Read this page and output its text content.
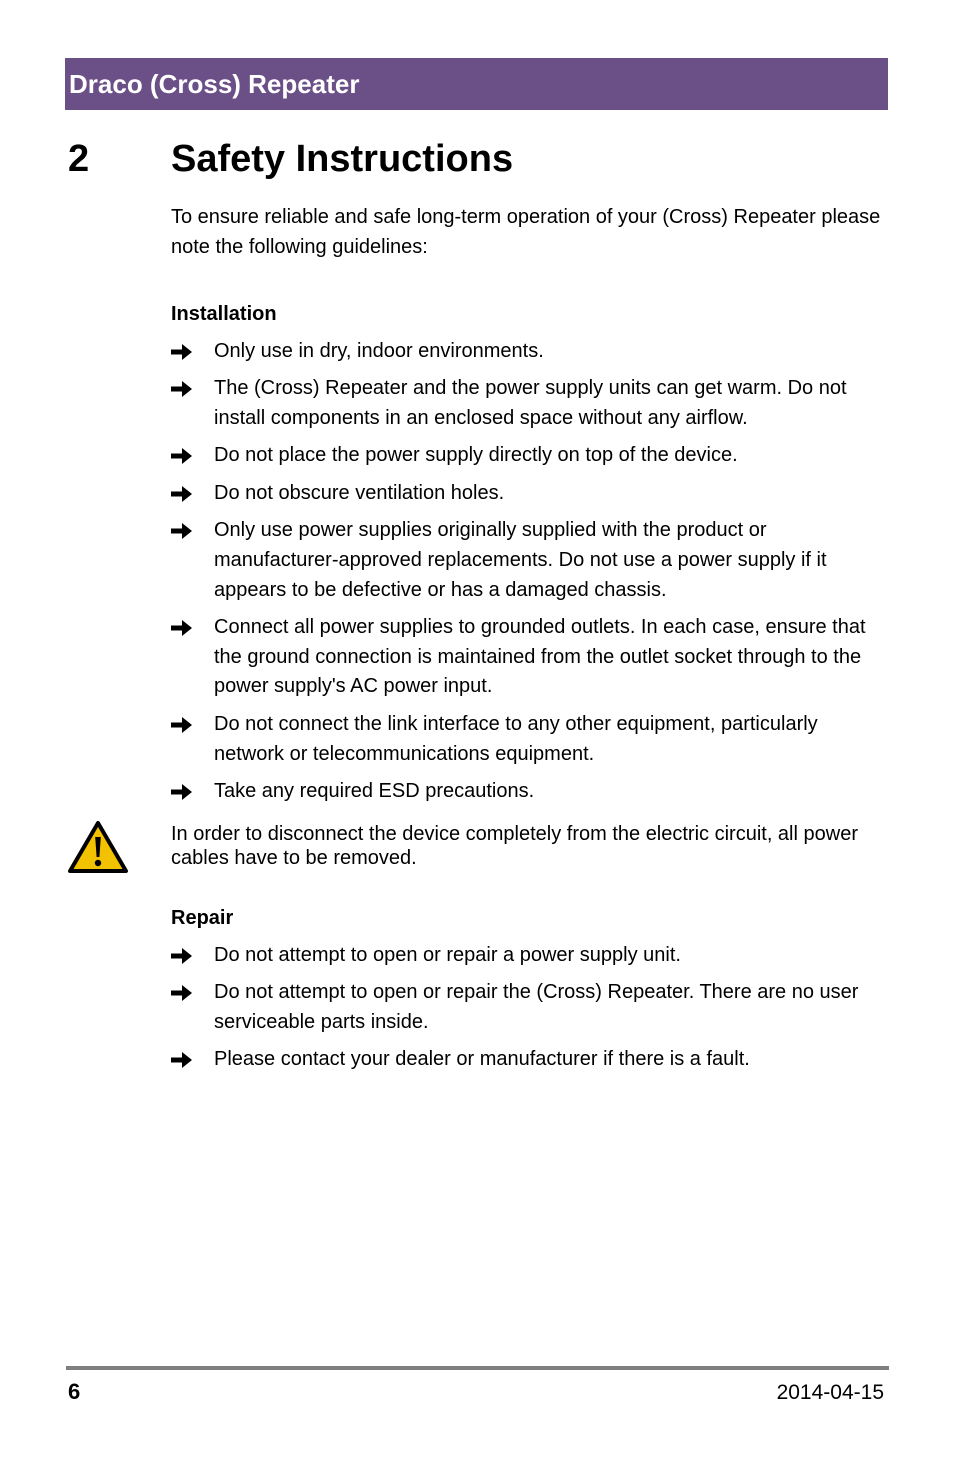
Draco (Cross) Repeater
2 Safety Instructions
To ensure reliable and safe long-term operation of your (Cross) Repeater please note the following guidelines:
Installation
Only use in dry, indoor environments.
The (Cross) Repeater and the power supply units can get warm. Do not install components in an enclosed space without any airflow.
Do not place the power supply directly on top of the device.
Do not obscure ventilation holes.
Only use power supplies originally supplied with the product or manufacturer-approved replacements. Do not use a power supply if it appears to be defective or has a damaged chassis.
Connect all power supplies to grounded outlets. In each case, ensure that the ground connection is maintained from the outlet socket through to the power supply's AC power input.
Do not connect the link interface to any other equipment, particularly network or telecommunications equipment.
Take any required ESD precautions.
In order to disconnect the device completely from the electric circuit, all power cables have to be removed.
Repair
Do not attempt to open or repair a power supply unit.
Do not attempt to open or repair the (Cross) Repeater. There are no user serviceable parts inside.
Please contact your dealer or manufacturer if there is a fault.
6	2014-04-15
